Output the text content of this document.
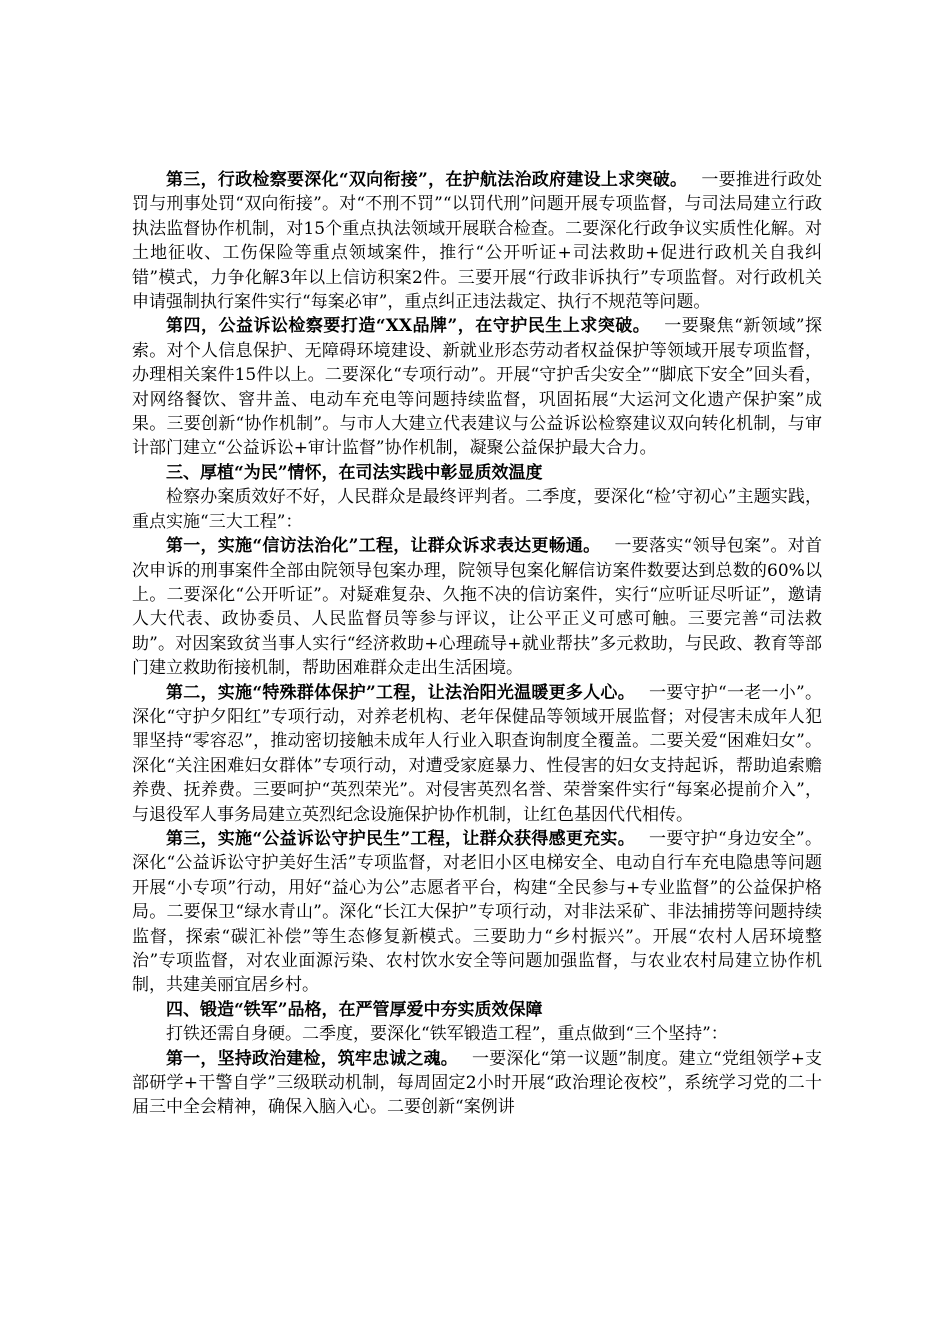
第三，行政检察要深化“双向衔接”，在护航法治政府建设上求突破。 一要推进行政处罚与刑事处罚“双向衔接”。对“不刑不罚”“以罚代刑”问题开展专项监督，与司法局建立行政执法监督协作机制，对15个重点执法领域开展联合检查。二要深化行政争议实质性化解。对土地征收、工伤保险等重点领域案件，推行“公开听证+司法救助+促进行政机关自我纠错”模式，力争化解3年以上信访积案2件。三要开展“行政非诉执行”专项监督。对行政机关申请强制执行案件实行“每案必审”，重点纠正违法裁定、执行不规范等问题。

第四，公益诉讼检察要打造“XX品牌”，在守护民生上求突破。 一要聚焦“新领域”探索。对个人信息保护、无障碍环境建设、新就业形态劳动者权益保护等领域开展专项监督，办理相关案件15件以上。二要深化“专项行动”。开展“守护舌尖安全”“脚底下安全”回头看，对网络餐饮、窨井盖、电动车充电等问题持续监督，巩固拓展“大运河文化遗产保护案”成果。三要创新“协作机制”。与市人大建立代表建议与公益诉讼检察建议双向转化机制，与审计部门建立“公益诉讼+审计监督”协作机制，凝聚公益保护最大合力。

三、厚植“为民”情怀，在司法实践中彰显质效温度

检察办案质效好不好，人民群众是最终评判者。二季度，要深化“检’守初心”主题实践，重点实施“三大工程”：

第一，实施“信访法治化”工程，让群众诉求表达更畅通。 一要落实“领导包案”。对首次申诉的刑事案件全部由院领导包案办理，院领导包案化解信访案件数要达到总数的60%以上。二要深化“公开听证”。对疑难复杂、久拖不决的信访案件，实行“应听证尽听证”，邀请人大代表、政协委员、人民监督员等参与评议，让公平正义可感可触。三要完善“司法救助”。对因案致贫当事人实行“经济救助+心理疏导+就业帮扶”多元救助，与民政、教育等部门建立救助衔接机制，帮助困难群众走出生活困境。

第二，实施“特殊群体保护”工程，让法治阳光温暖更多人心。 一要守护“一老一小”。深化“守护夕阳红”专项行动，对养老机构、老年保健品等领域开展监督；对侵害未成年人犯罪坚持“零容忍”，推动密切接触未成年人行业入职查询制度全覆盖。二要关爱“困难妇女”。深化“关注困难妇女群体”专项行动，对遭受家庭暴力、性侵害的妇女支持起诉，帮助追索赡养费、抚养费。三要呵护“英烈荣光”。对侵害英烈名誉、荣誉案件实行“每案必提前介入”，与退役军人事务局建立英烈纪念设施保护协作机制，让红色基因代代相传。

第三，实施“公益诉讼守护民生”工程，让群众获得感更充实。 一要守护“身边安全”。深化“公益诉讼守护美好生活”专项监督，对老旧小区电梯安全、电动自行车充电隐患等问题开展“小专项”行动，用好“益心为公”志愿者平台，构建“全民参与+专业监督”的公益保护格局。二要保卫“绿水青山”。深化“长江大保护”专项行动，对非法采矿、非法捕捞等问题持续监督，探索“碳汇补偿”等生态修复新模式。三要助力“乡村振兴”。开展“农村人居环境整治”专项监督，对农业面源污染、农村饮水安全等问题加强监督，与农业农村局建立协作机制，共建美丽宜居乡村。

四、锻造“铁军”品格，在严管厚爱中夯实质效保障

打铁还需自身硬。二季度，要深化“铁军锻造工程”，重点做到“三个坚持”：

第一，坚持政治建检，筑牢忠诚之魂。 一要深化“第一议题”制度。建立“党组领学+支部研学+干警自学”三级联动机制，每周固定2小时开展“政治理论夜校”，系统学习党的二十届三中全会精神，确保入脑入心。二要创新“案例讲
